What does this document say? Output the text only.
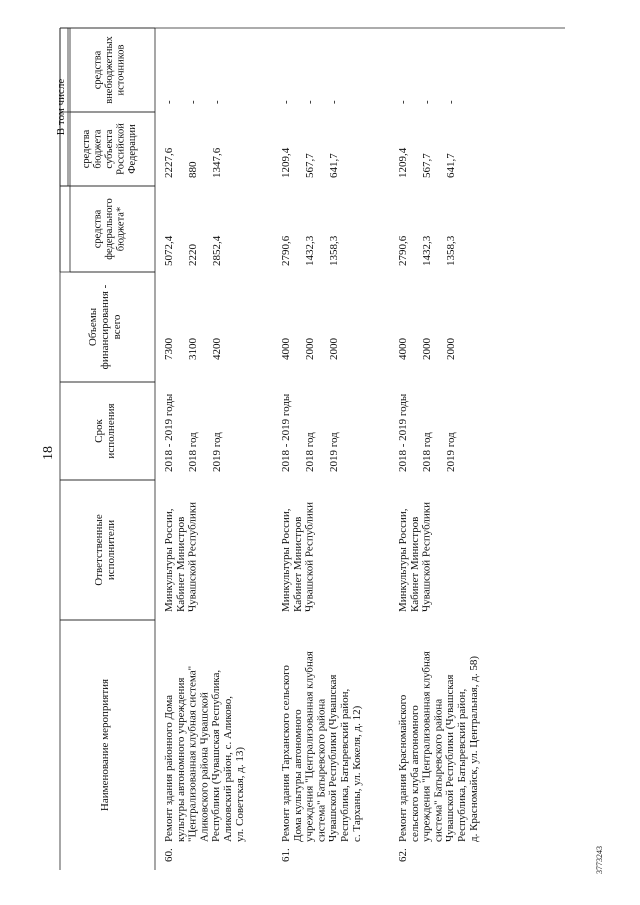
18
3773243
Наименование мероприятия
Ответственные исполнители
Срок исполнения
Объемы финансирования - всего
В том числе
средства федерального бюджета*
средства бюджета субъекта Российской Федерации
средства внебюджетных источников
60.
Ремонт здания районного Дома культуры автономного учреждения "Централизованная клубная система" Аликовского района Чувашской Республики (Чувашская Республика, Аликовский район, с. Аликово, ул. Советская, д. 13)
Минкультуры России, Кабинет Министров Чувашской Республики
2018 - 2019 годы
7300
5072,4
2227,6
-
2018 год
3100
2220
880
-
2019 год
4200
2852,4
1347,6
-
61.
Ремонт здания Тарханского сельского Дома культуры автономного учреждения "Централизованная клубная система" Батыревского района Чувашской Республики (Чувашская Республика, Батыревский район, с. Тарханы, ул. Кокеля, д. 12)
Минкультуры России, Кабинет Министров Чувашской Республики
2018 - 2019 годы
4000
2790,6
1209,4
-
2018 год
2000
1432,3
567,7
-
2019 год
2000
1358,3
641,7
-
62.
Ремонт здания Красномайского сельского клуба автономного учреждения "Централизованная клубная система" Батыревского района Чувашской Республики (Чувашская Республика, Батыревский район, д. Красномайск, ул. Центральная, д. 58)
Минкультуры России, Кабинет Министров Чувашской Республики
2018 - 2019 годы
4000
2790,6
1209,4
-
2018 год
2000
1432,3
567,7
-
2019 год
2000
1358,3
641,7
-
